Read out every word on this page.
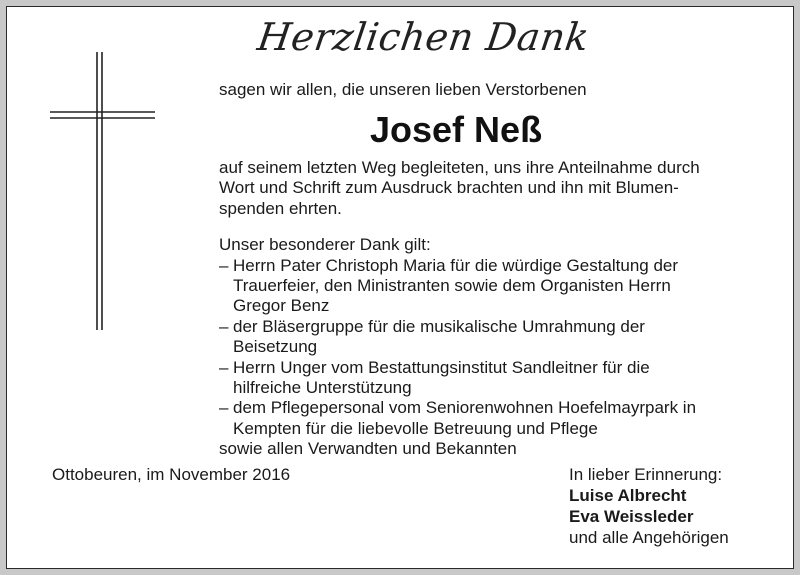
Herzlichen Dank
sagen wir allen, die unseren lieben Verstorbenen
Josef Neß

auf seinem letzten Weg begleiteten, uns ihre Anteilnahme durch

Wort und Schrift zum Ausdruck brachten und ihn mit Blumen-

spenden ehrten.

Unser besonderer Dank gilt:

– Herrn Pater Christoph Maria für die würdige Gestaltung der
Trauerfeier, den Ministranten sowie dem Organisten Herrn
Gregor Benz
– der Bläsergruppe für die musikalische Umrahmung der
Beisetzung
– Herrn Unger vom Bestattungsinstitut Sandleitner für die
hilfreiche Unterstützung
– dem Pflegepersonal vom Seniorenwohnen Hoefelmayrpark in
Kempten für die liebevolle Betreuung und Pflege

sowie allen Verwandten und Bekannten

Ottobeuren, im November 2016	In lieber Erinnerung:
Luise Albrecht
Eva Weissleder
und alle Angehörigen
